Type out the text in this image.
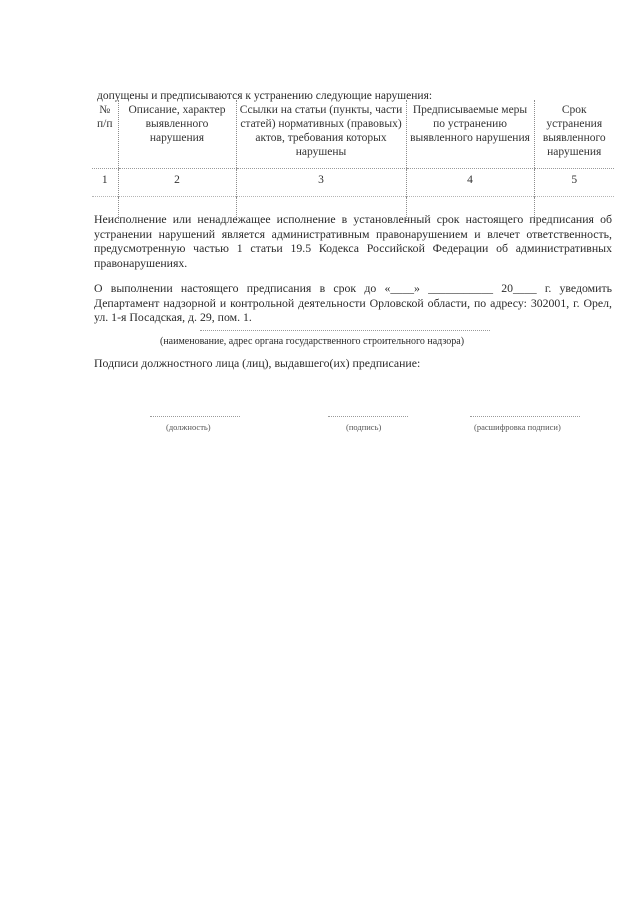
допущены и предписываются к устранению следующие нарушения:
№ п/п	Описание, характер выявленного нарушения	Ссылки на статьи (пункты, части статей) нормативных (правовых) актов, требования которых нарушены	Предписываемые меры по устранению выявленного нарушения	Срок устранения выявленного нарушения
1	2	3	4	5

Неисполнение или ненадлежащее исполнение в установленный срок настоящего предписания об устранении нарушений является административным правонарушением и влечет ответственность, предусмотренную частью 1 статьи 19.5 Кодекса Российской Федерации об административных правонарушениях.
О выполнении настоящего предписания в срок до «____» ___________ 20____ г. уведомить Департамент надзорной и контрольной деятельности Орловской области, по адресу: 302001, г. Орел, ул. 1-я Посадская, д. 29, пом. 1.
(наименование, адрес органа государственного строительного надзора)
Подписи должностного лица (лиц), выдавшего(их) предписание:
(должность)	(подпись)	(расшифровка подписи)
